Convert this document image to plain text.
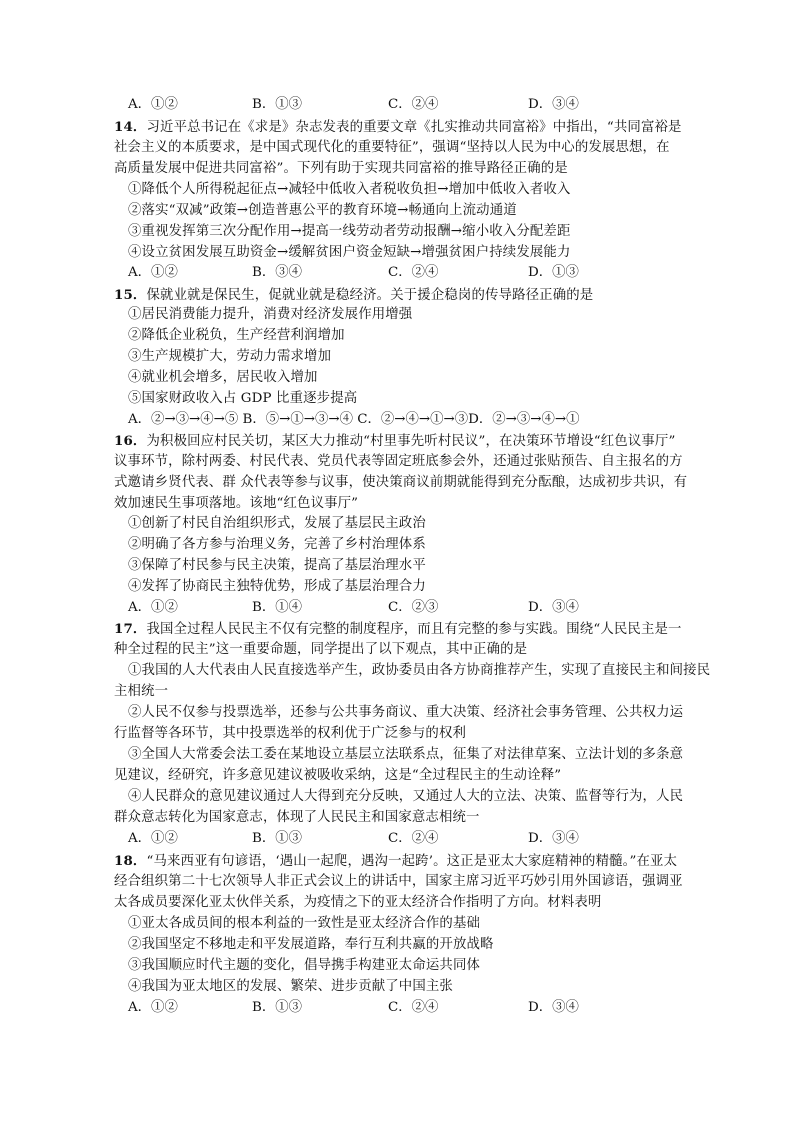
A．①②	B．①③	C．②④	D．③④
14．习近平总书记在《求是》杂志发表的重要文章《扎实推动共同富裕》中指出，“共同富裕是
社会主义的本质要求，是中国式现代化的重要特征”，强调“坚持以人民为中心的发展思想，在
高质量发展中促进共同富裕”。下列有助于实现共同富裕的推导路径正确的是
①降低个人所得税起征点→减轻中低收入者税收负担→增加中低收入者收入
②落实“双减”政策→创造普惠公平的教育环境→畅通向上流动通道
③重视发挥第三次分配作用→提高一线劳动者劳动报酬→缩小收入分配差距
④设立贫困发展互助资金→缓解贫困户资金短缺→增强贫困户持续发展能力
A．①②	B．③④	C．②④	D．①③
15．保就业就是保民生，促就业就是稳经济。关于援企稳岗的传导路径正确的是
①居民消费能力提升，消费对经济发展作用增强
②降低企业税负，生产经营利润增加
③生产规模扩大，劳动力需求增加
④就业机会增多，居民收入增加
⑤国家财政收入占 GDP 比重逐步提高
A．②→③→④→⑤ B．⑤→①→③→④ C．②→④→①→③D．②→③→④→①
16．为积极回应村民关切，某区大力推动“村里事先听村民议”，在决策环节增设“红色议事厅”
议事环节，除村两委、村民代表、党员代表等固定班底参会外，还通过张贴预告、自主报名的方
式邀请乡贤代表、群 众代表等参与议事，使决策商议前期就能得到充分酝酿，达成初步共识，有
效加速民生事项落地。该地“红色议事厅”
①创新了村民自治组织形式，发展了基层民主政治
②明确了各方参与治理义务，完善了乡村治理体系
③保障了村民参与民主决策，提高了基层治理水平
④发挥了协商民主独特优势，形成了基层治理合力
A．①②	B．①④	C．②③	D．③④
17．我国全过程人民民主不仅有完整的制度程序，而且有完整的参与实践。围绕“人民民主是一
种全过程的民主”这一重要命题，同学提出了以下观点，其中正确的是
①我国的人大代表由人民直接选举产生，政协委员由各方协商推荐产生，实现了直接民主和间接民
主相统一
②人民不仅参与投票选举，还参与公共事务商议、重大决策、经济社会事务管理、公共权力运
行监督等各环节，其中投票选举的权利优于广泛参与的权利
③全国人大常委会法工委在某地设立基层立法联系点，征集了对法律草案、立法计划的多条意
见建议，经研究，许多意见建议被吸收采纳，这是“全过程民主的生动诠释”
④人民群众的意见建议通过人大得到充分反映，又通过人大的立法、决策、监督等行为，人民
群众意志转化为国家意志，体现了人民民主和国家意志相统一
A．①②	B．①③	C．②④	D．③④
18．“马来西亚有句谚语，‘遇山一起爬，遇沟一起跨’。这正是亚太大家庭精神的精髓。”在亚太
经合组织第二十七次领导人非正式会议上的讲话中，国家主席习近平巧妙引用外国谚语，强调亚
太各成员要深化亚太伙伴关系，为疫情之下的亚太经济合作指明了方向。材料表明
①亚太各成员间的根本利益的一致性是亚太经济合作的基础
②我国坚定不移地走和平发展道路，奉行互利共赢的开放战略
③我国顺应时代主题的变化，倡导携手构建亚太命运共同体
④我国为亚太地区的发展、繁荣、进步贡献了中国主张
A．①②	B．①③	C．②④	D．③④
